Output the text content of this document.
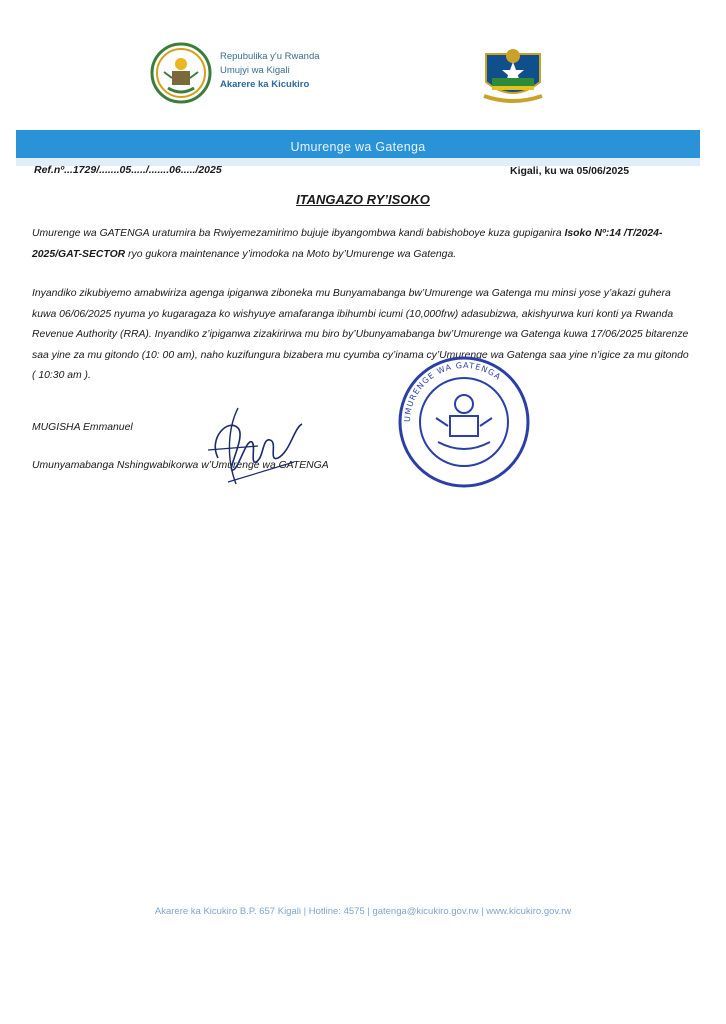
Repubulika y'u Rwanda
Umujyi wa Kigali
Akarere ka Kicukiro
Umurenge wa Gatenga
Ref.nº...1729/.......05...../.......06...../2025	Kigali, ku wa 05/06/2025
ITANGAZO RY’ISOKO
Umurenge wa GATENGA uratumira ba Rwiyemezamirimo bujuje ibyangombwa kandi babishoboye kuza gupiganira Isoko Nº:14 /T/2024-2025/GAT-SECTOR ryo gukora maintenance y’imodoka na Moto by’Umurenge wa Gatenga.
Inyandiko zikubiyemo amabwiriza agenga ipiganwa ziboneka mu Bunyamabanga bw’Umurenge wa Gatenga mu minsi yose y’akazi guhera kuwa 06/06/2025 nyuma yo kugaragaza ko wishyuye amafaranga ibihumbi icumi (10,000frw) adasubizwa, akishyurwa kuri konti ya Rwanda Revenue Authority (RRA). Inyandiko z’ipiganwa zizakirirwa mu biro by’Ubunyamabanga bw’Umurenge wa Gatenga kuwa 17/06/2025 bitarenze saa yine za mu gitondo (10: 00 am), naho kuzifungura bizabera mu cyumba cy’inama cy’Umurenge wa Gatenga saa yine n’igice za mu gitondo ( 10:30 am ).
MUGISHA Emmanuel
Umunyamabanga Nshingwabikorwa w’Umurenge wa GATENGA
UMURENGE WA GATENGA
Akarere ka Kicukiro B.P. 657 Kigali | Hotline: 4575 | gatenga@kicukiro.gov.rw | www.kicukiro.gov.rw
